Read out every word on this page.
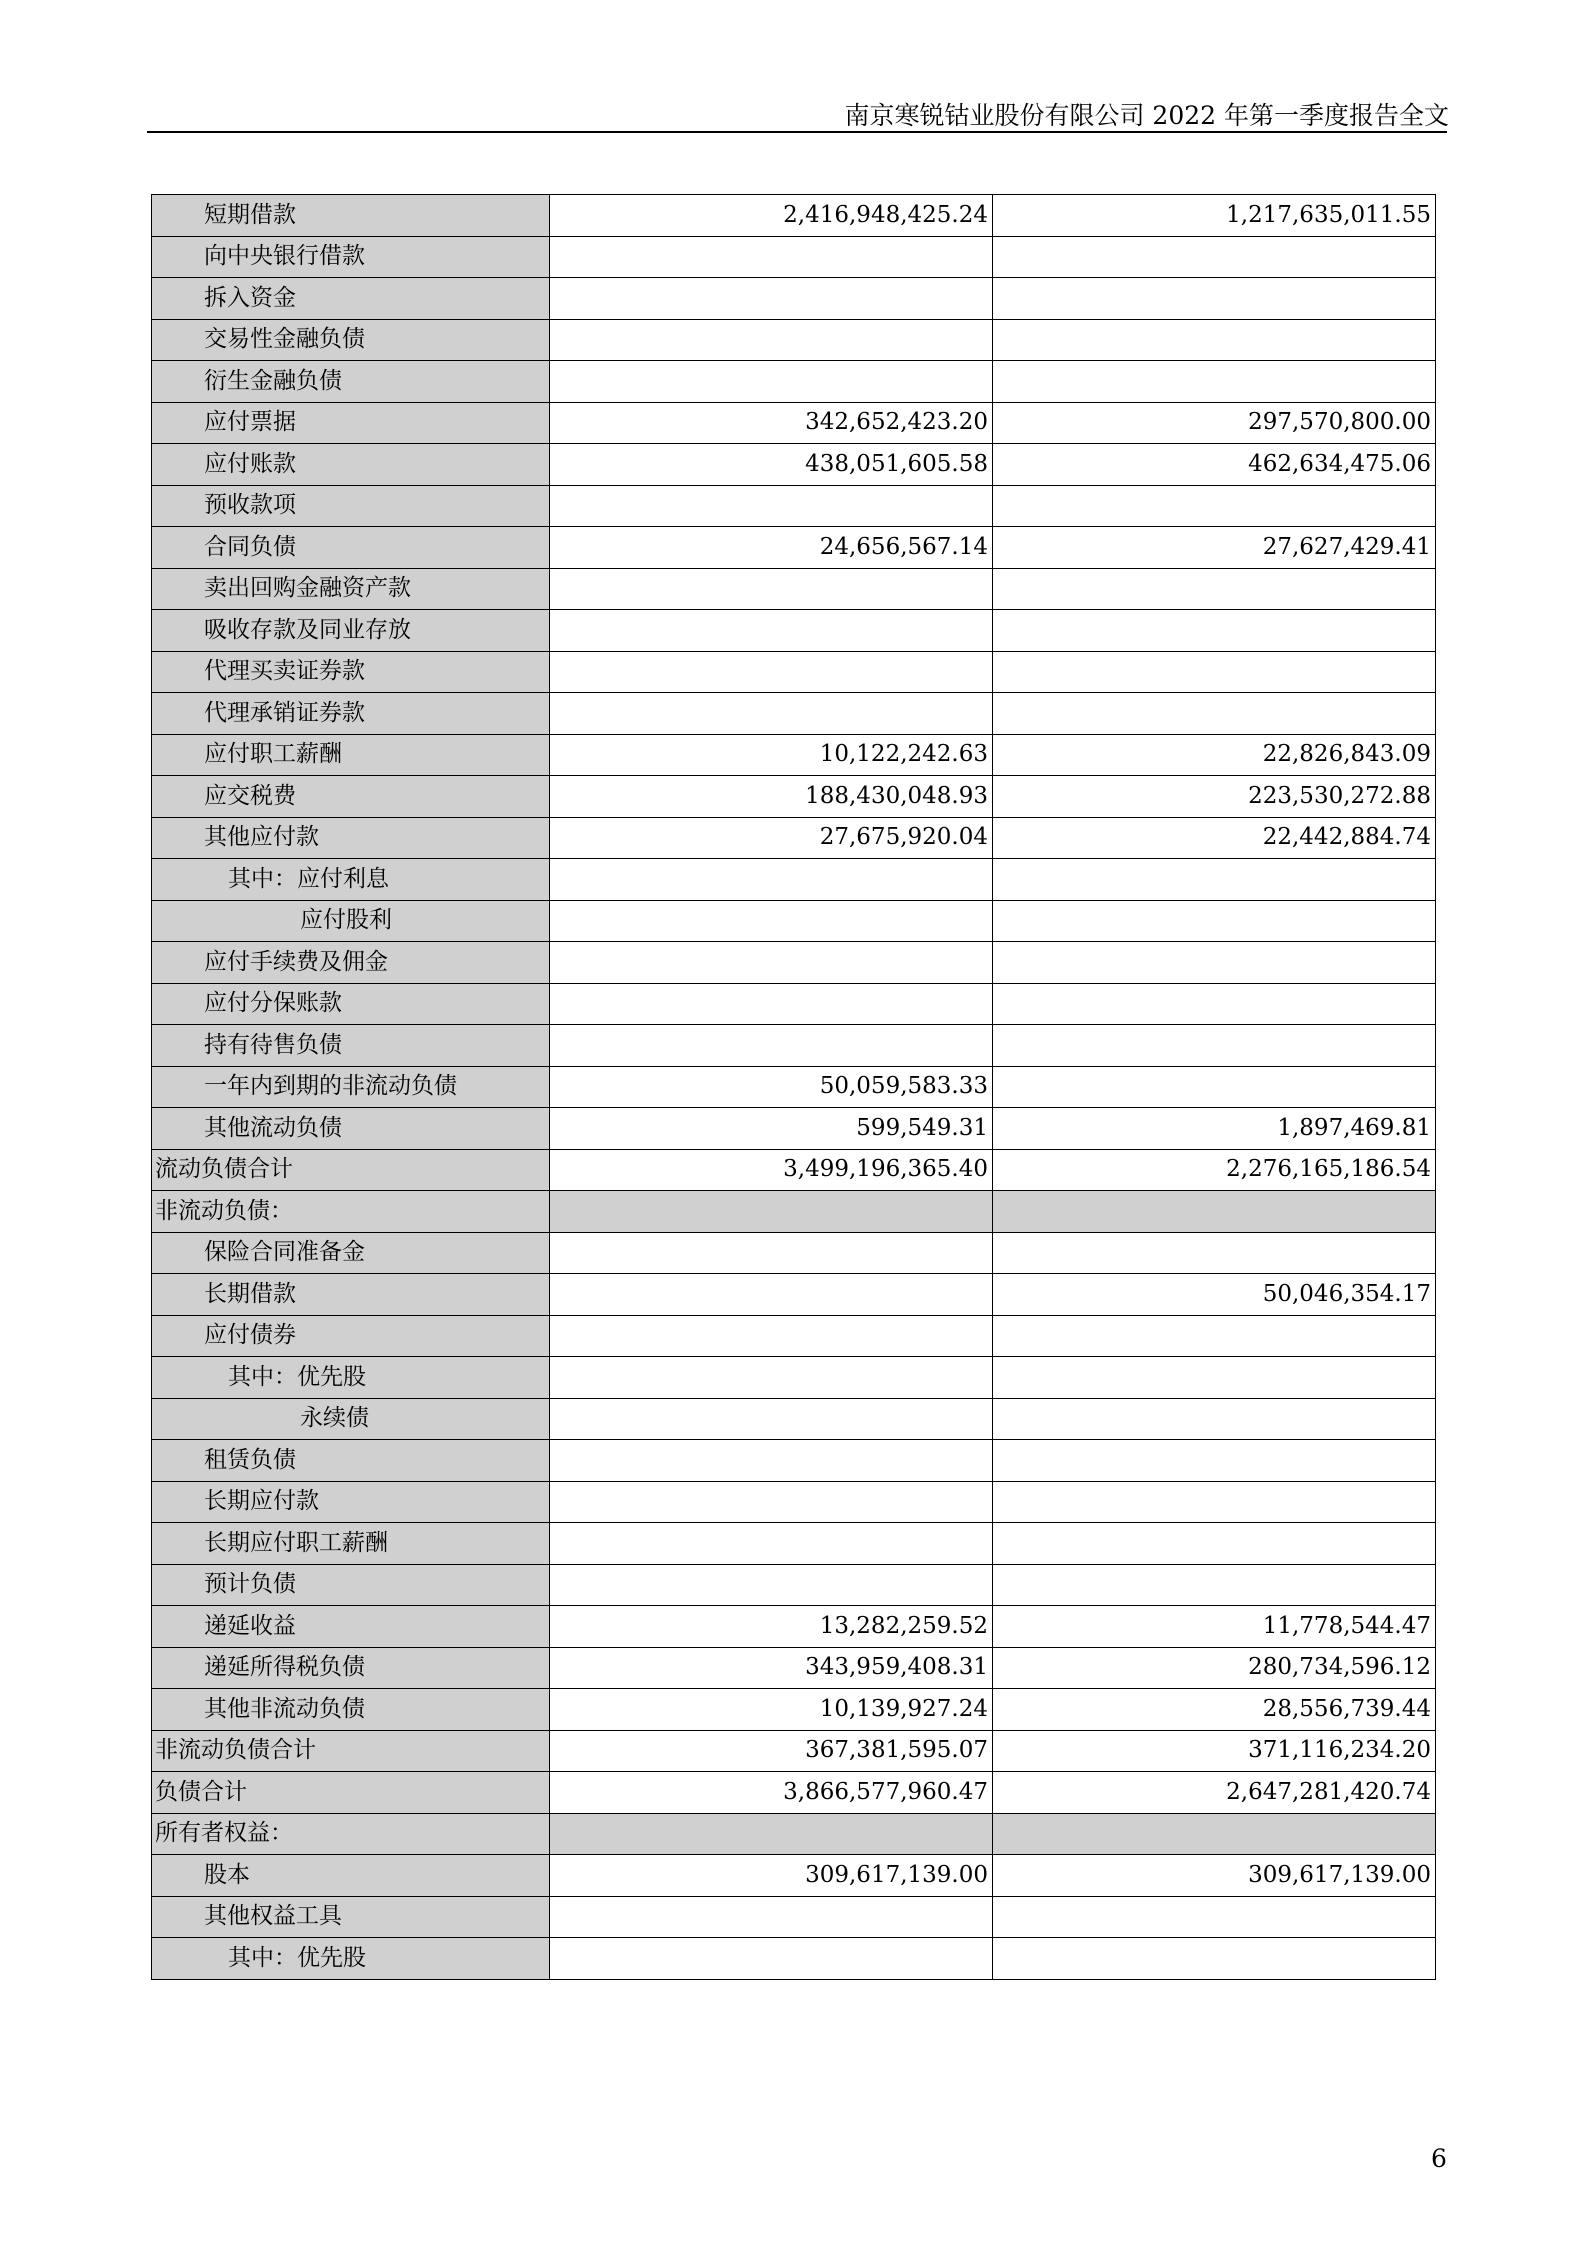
南京寒锐钴业股份有限公司 2022 年第一季度报告全文
短期借款	2,416,948,425.24	1,217,635,011.55
向中央银行借款		
拆入资金		
交易性金融负债		
衍生金融负债		
应付票据	342,652,423.20	297,570,800.00
应付账款	438,051,605.58	462,634,475.06
预收款项		
合同负债	24,656,567.14	27,627,429.41
卖出回购金融资产款		
吸收存款及同业存放		
代理买卖证券款		
代理承销证券款		
应付职工薪酬	10,122,242.63	22,826,843.09
应交税费	188,430,048.93	223,530,272.88
其他应付款	27,675,920.04	22,442,884.74
其中：应付利息		
应付股利		
应付手续费及佣金		
应付分保账款		
持有待售负债		
一年内到期的非流动负债	50,059,583.33	
其他流动负债	599,549.31	1,897,469.81
流动负债合计	3,499,196,365.40	2,276,165,186.54
非流动负债：		
保险合同准备金		
长期借款		50,046,354.17
应付债券		
其中：优先股		
永续债		
租赁负债		
长期应付款		
长期应付职工薪酬		
预计负债		
递延收益	13,282,259.52	11,778,544.47
递延所得税负债	343,959,408.31	280,734,596.12
其他非流动负债	10,139,927.24	28,556,739.44
非流动负债合计	367,381,595.07	371,116,234.20
负债合计	3,866,577,960.47	2,647,281,420.74
所有者权益：		
股本	309,617,139.00	309,617,139.00
其他权益工具		
其中：优先股		
6
